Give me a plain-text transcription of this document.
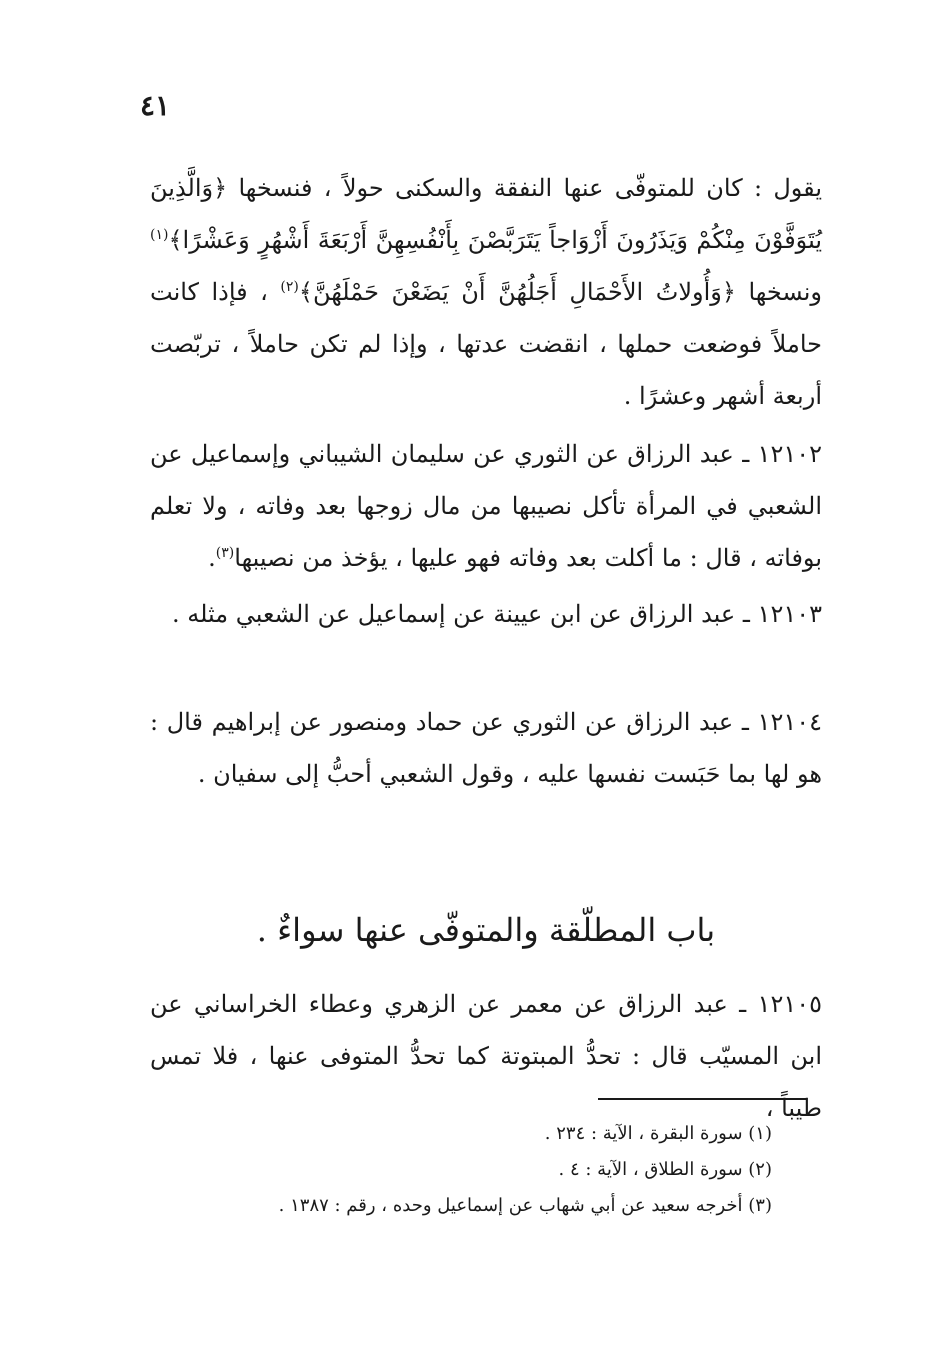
٤١

يقول : كان للمتوفّى عنها النفقة والسكنى حولاً ، فنسخها ﴿وَالَّذِينَ يُتَوَفَّوْنَ مِنْكُمْ وَيَذَرُونَ أَزْوَاجاً يَتَرَبَّصْنَ بِأَنْفُسِهِنَّ أَرْبَعَةَ أَشْهُرٍ وَعَشْرًا﴾$^{(١)}$ ونسخها ﴿وَأُولاتُ الأَحْمَالِ أَجَلُهُنَّ أَنْ يَضَعْنَ حَمْلَهُنَّ﴾$^{(٢)}$ ، فإذا كانت حاملاً فوضعت حملها ، انقضت عدتها ، وإذا لم تكن حاملاً ، تربّصت أربعة أشهر وعشرًا .

١٢١٠٢ ـ عبد الرزاق عن الثوري عن سليمان الشيباني وإسماعيل عن الشعبي في المرأة تأكل نصيبها من مال زوجها بعد وفاته ، ولا تعلم بوفاته ، قال : ما أكلت بعد وفاته فهو عليها ، يؤخذ من نصيبها$^{(٣)}$.

١٢١٠٣ ـ عبد الرزاق عن ابن عيينة عن إسماعيل عن الشعبي مثله .

١٢١٠٤ ـ عبد الرزاق عن الثوري عن حماد ومنصور عن إبراهيم قال : هو لها بما حَبَست نفسها عليه ، وقول الشعبي أحبُّ إلى سفيان .

باب المطلّقة والمتوفّى عنها سواءٌ .

١٢١٠٥ ـ عبد الرزاق عن معمر عن الزهري وعطاء الخراساني عن ابن المسيّب قال : تحدُّ المبتوتة كما تحدُّ المتوفى عنها ، فلا تمس طيباً ،

(١) سورة البقرة ، الآية : ٢٣٤ .
(٢) سورة الطلاق ، الآية : ٤ .
(٣) أخرجه سعيد عن أبي شهاب عن إسماعيل وحده ، رقم : ١٣٨٧ .
